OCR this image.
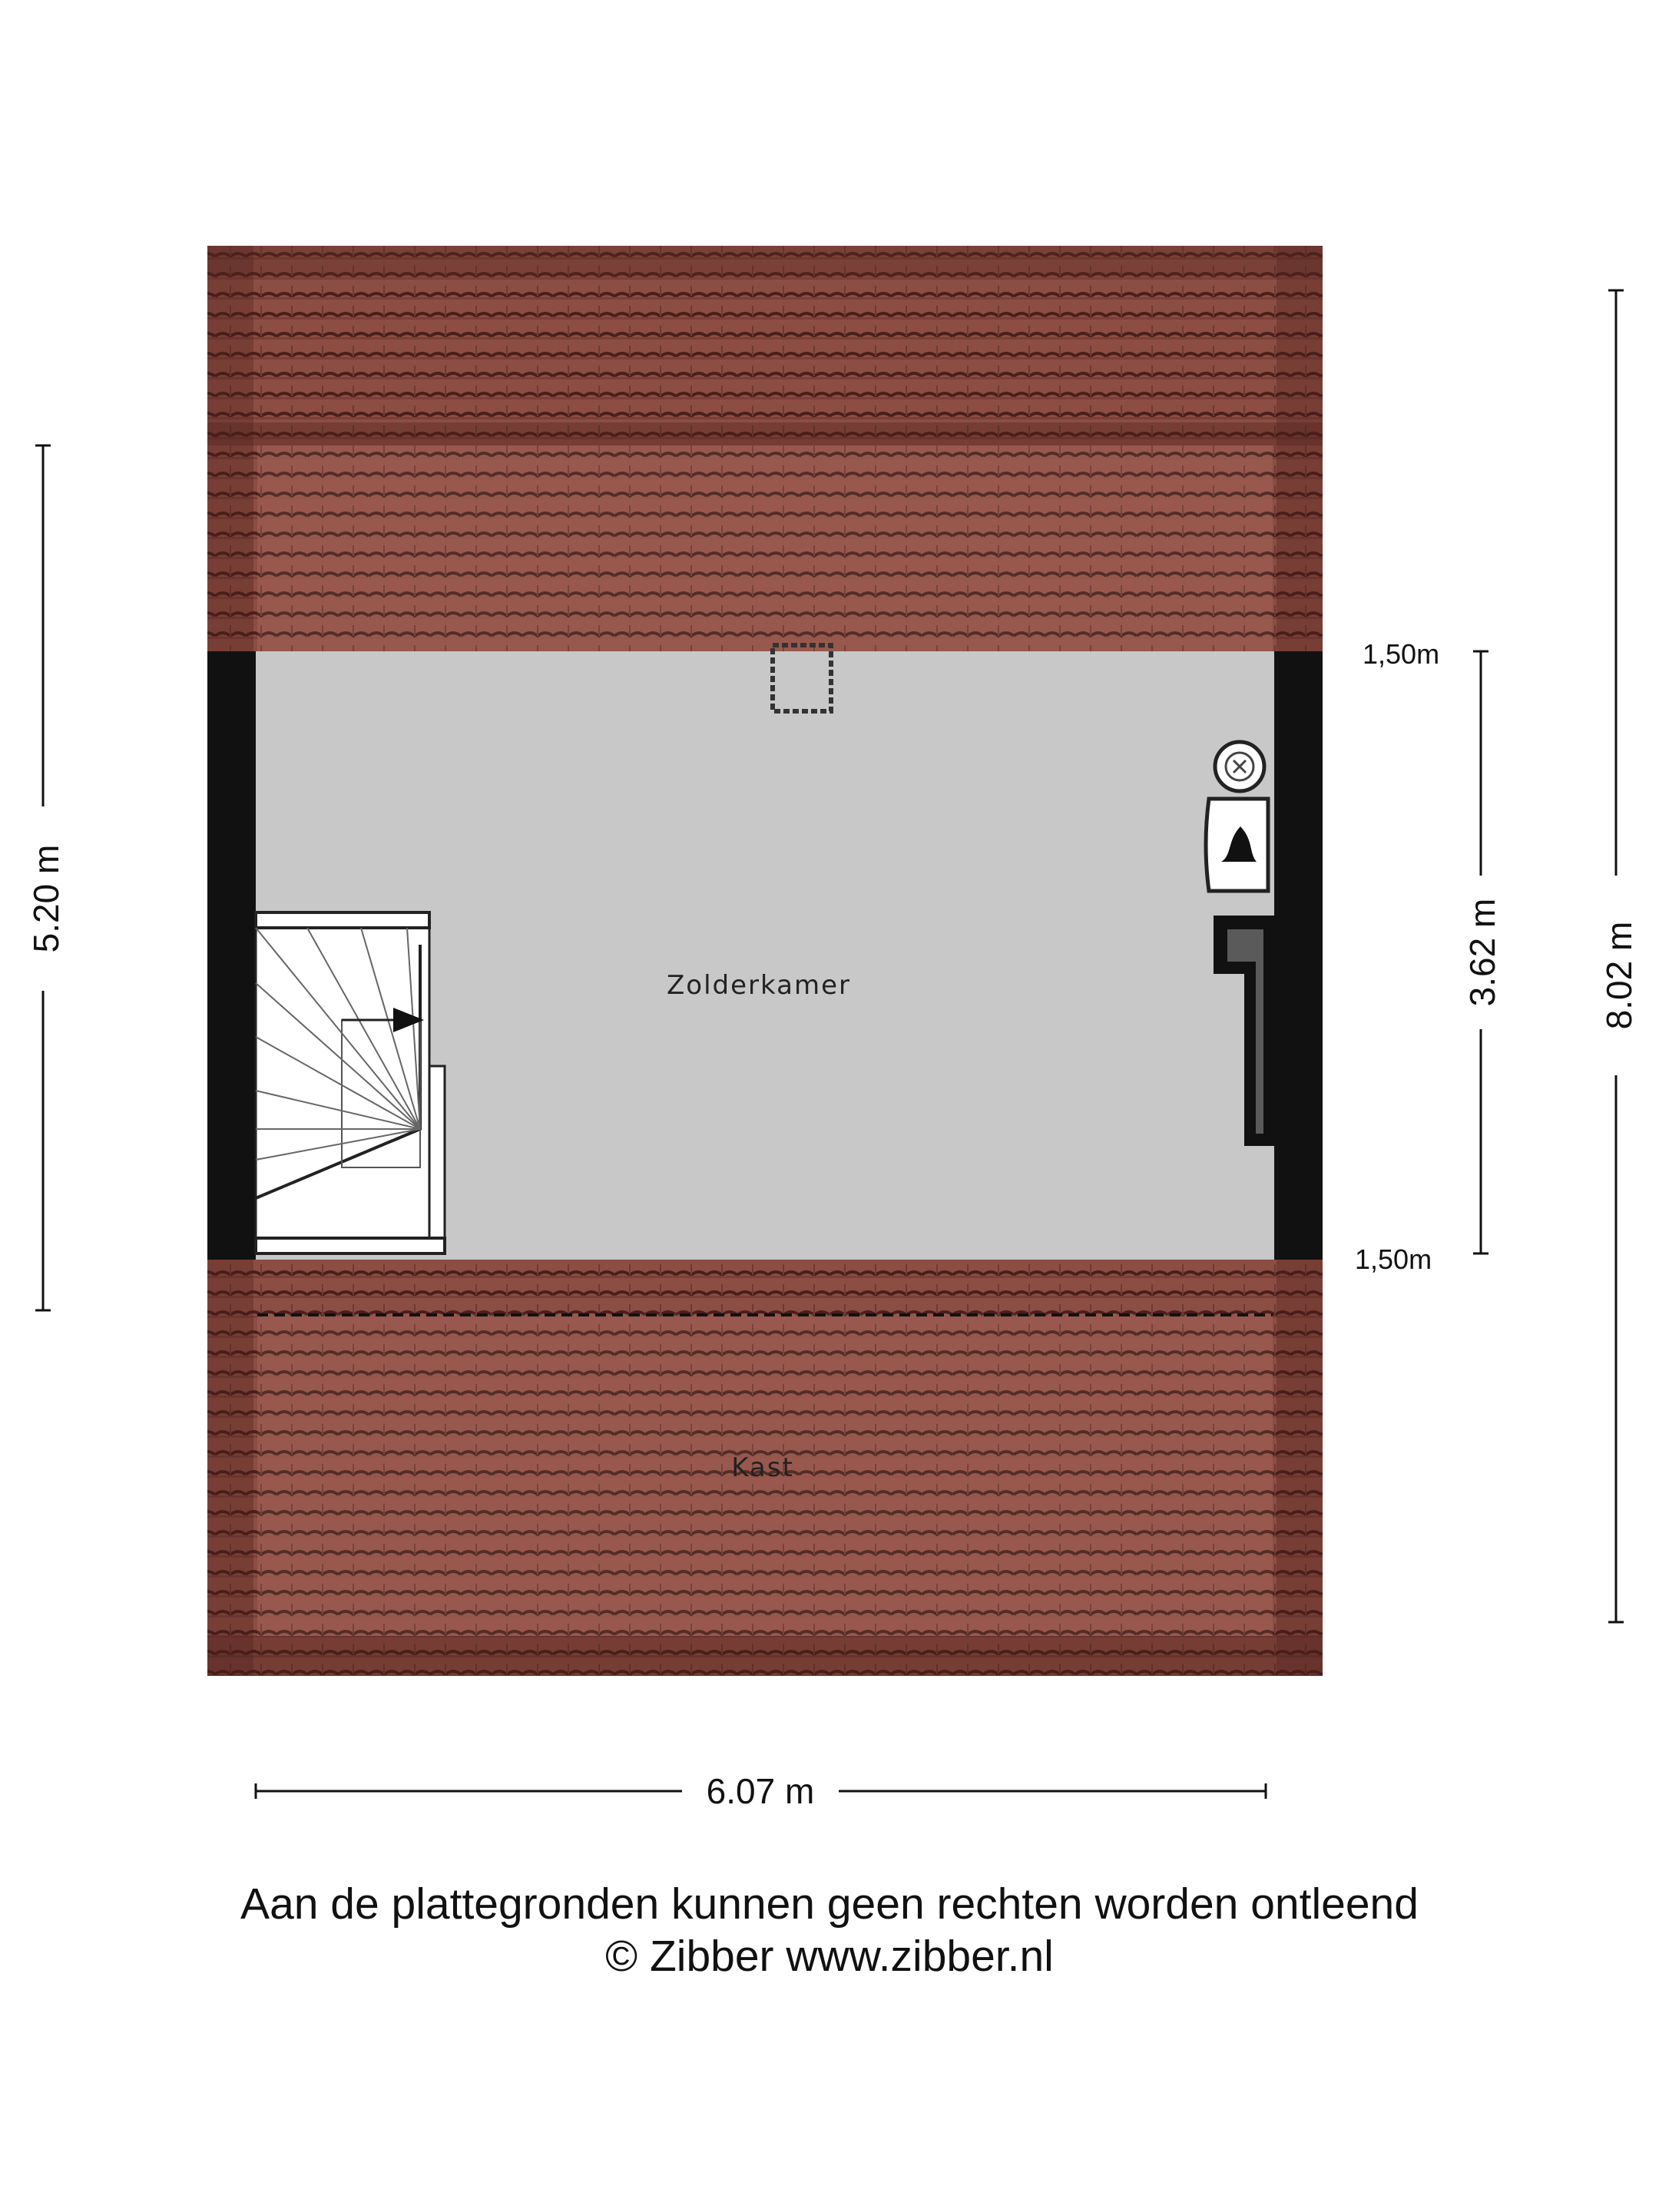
Zolderkamer
Kast
5.20 m
8.02 m
3.62 m
1,50m
1,50m
6.07 m
Aan de plattegronden kunnen geen rechten worden ontleend
© Zibber www.zibber.nl
